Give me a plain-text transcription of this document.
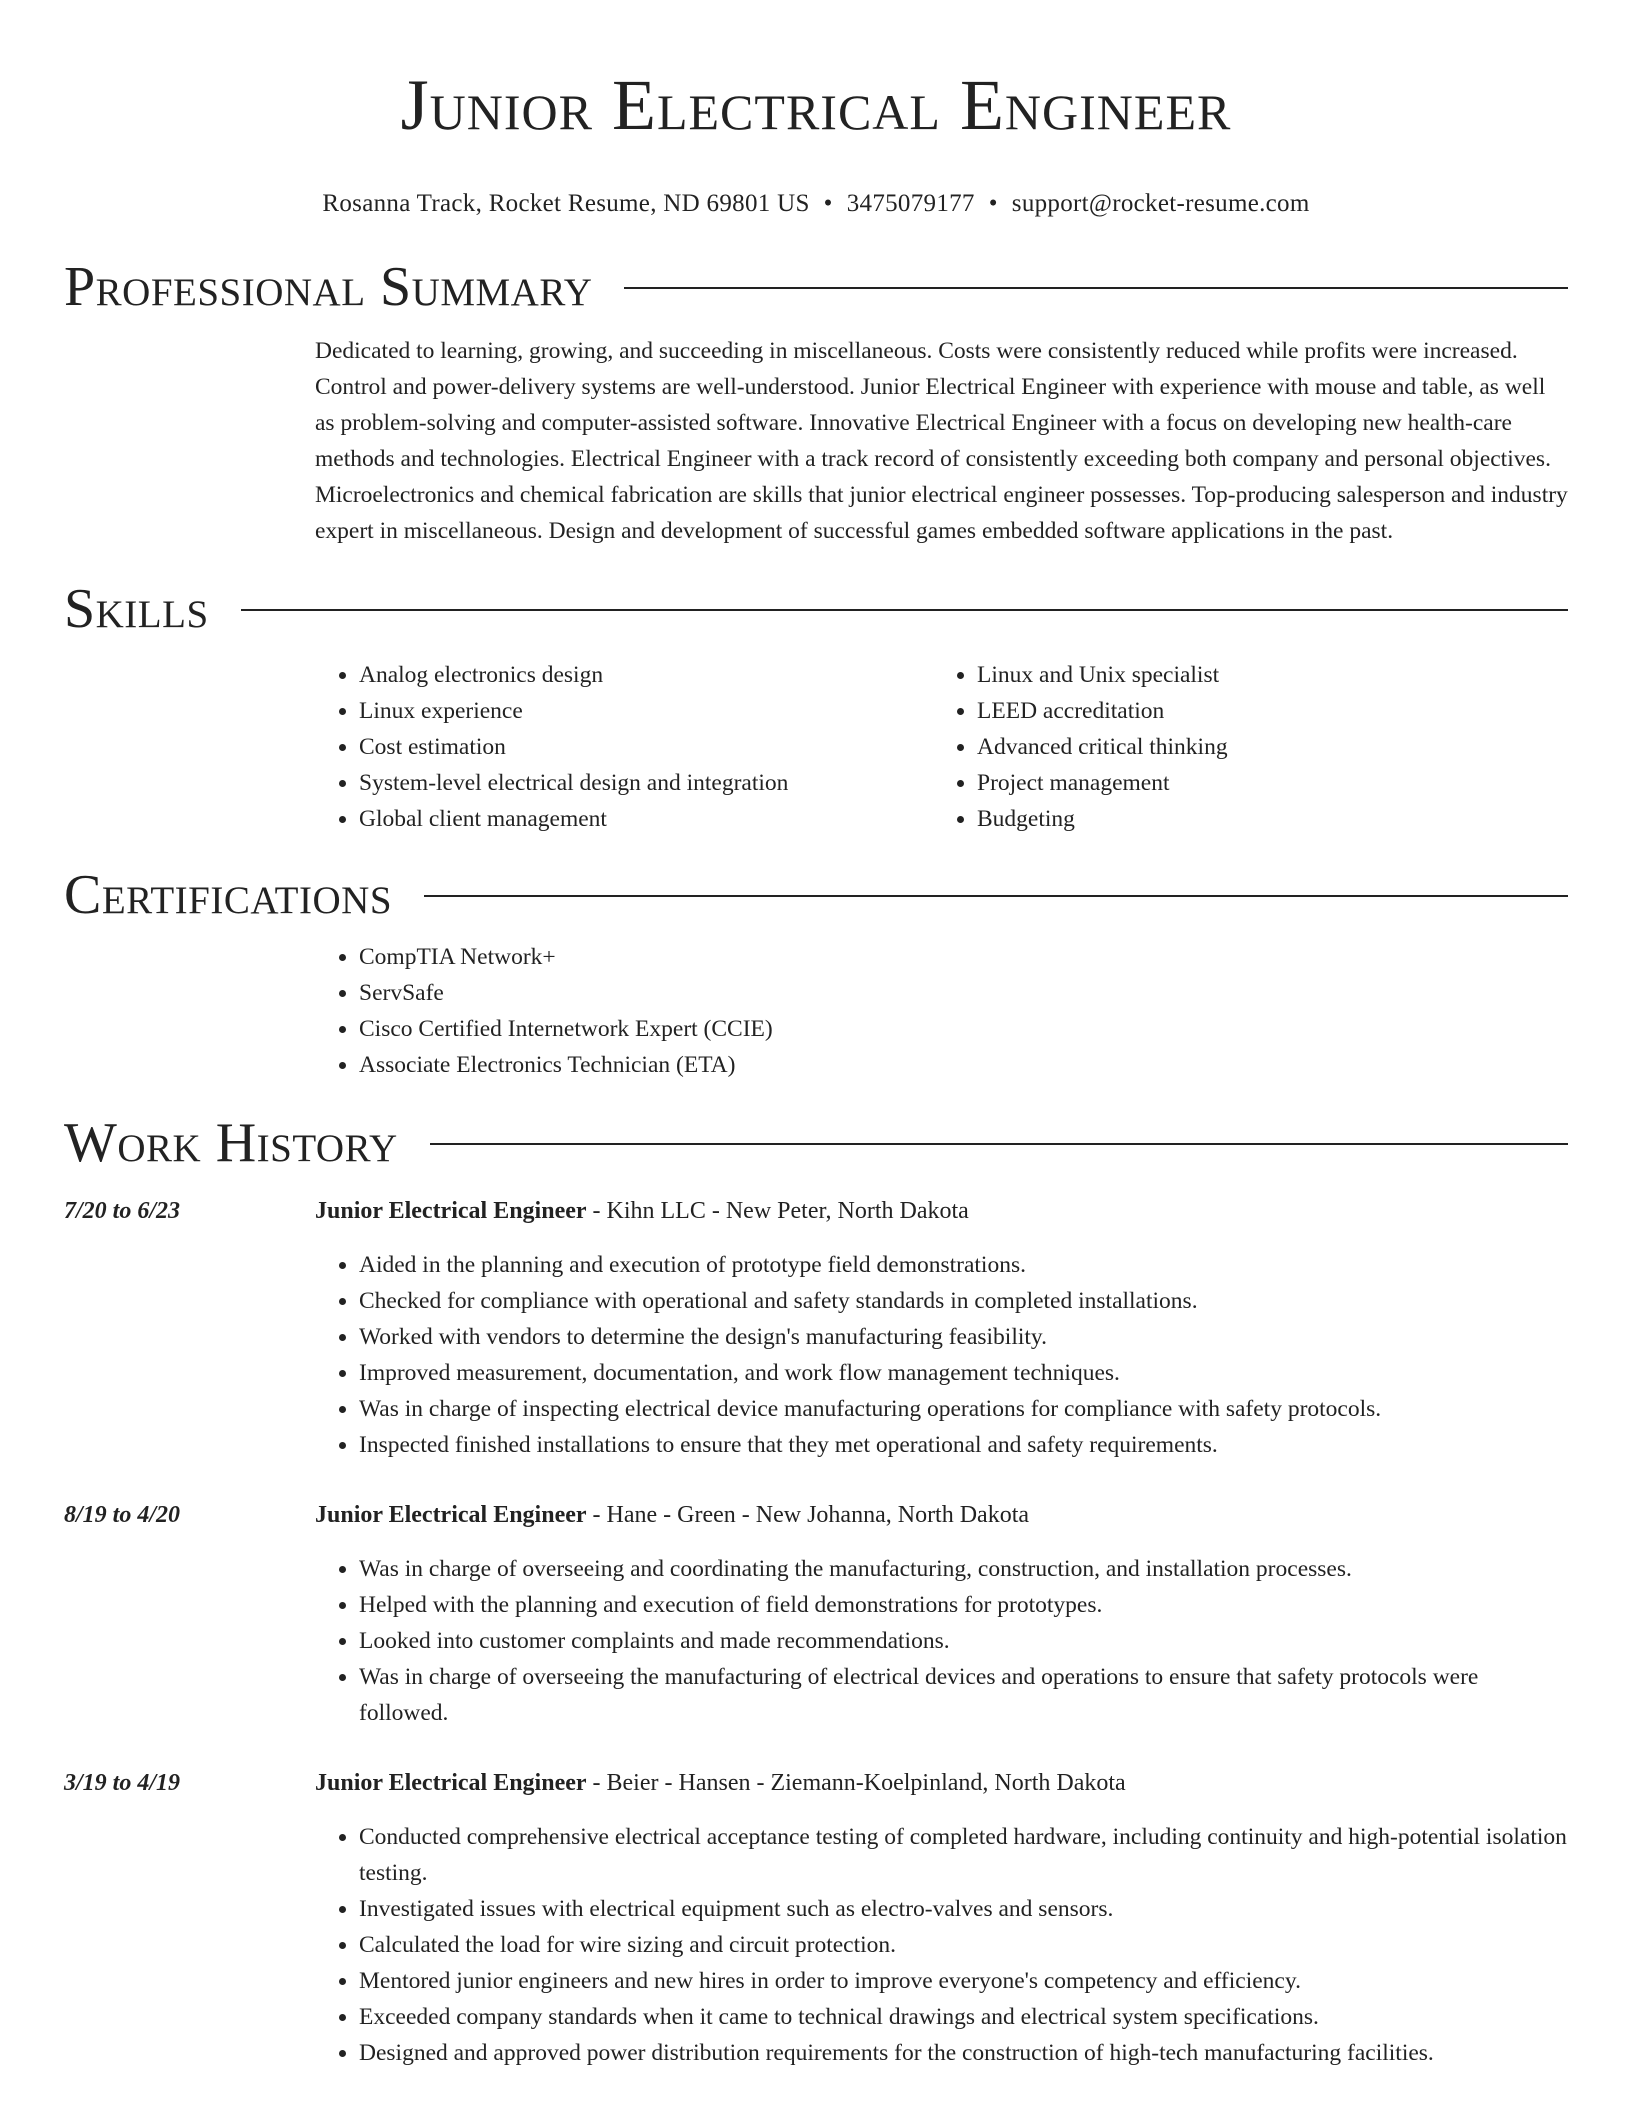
Junior Electrical Engineer
Rosanna Track, Rocket Resume, ND 69801 US • 3475079177 • support@rocket-resume.com
Professional Summary

Dedicated to learning, growing, and succeeding in miscellaneous. Costs were consistently reduced while profits were increased. Control and power-delivery systems are well-understood. Junior Electrical Engineer with experience with mouse and table, as well as problem-solving and computer-assisted software. Innovative Electrical Engineer with a focus on developing new health-care methods and technologies. Electrical Engineer with a track record of consistently exceeding both company and personal objectives. Microelectronics and chemical fabrication are skills that junior electrical engineer possesses. Top-producing salesperson and industry expert in miscellaneous. Design and development of successful games embedded software applications in the past.

Skills
• Analog electronics design
• Linux experience
• Cost estimation
• System-level electrical design and integration
• Global client management
• Linux and Unix specialist
• LEED accreditation
• Advanced critical thinking
• Project management
• Budgeting
Certifications
• CompTIA Network+
• ServSafe
• Cisco Certified Internetwork Expert (CCIE)
• Associate Electronics Technician (ETA)
Work History
7/20 to 6/23	Junior Electrical Engineer - Kihn LLC - New Peter, North Dakota
• Aided in the planning and execution of prototype field demonstrations.
• Checked for compliance with operational and safety standards in completed installations.
• Worked with vendors to determine the design's manufacturing feasibility.
• Improved measurement, documentation, and work flow management techniques.
• Was in charge of inspecting electrical device manufacturing operations for compliance with safety protocols.
• Inspected finished installations to ensure that they met operational and safety requirements.
8/19 to 4/20	Junior Electrical Engineer - Hane - Green - New Johanna, North Dakota
• Was in charge of overseeing and coordinating the manufacturing, construction, and installation processes.
• Helped with the planning and execution of field demonstrations for prototypes.
• Looked into customer complaints and made recommendations.
• Was in charge of overseeing the manufacturing of electrical devices and operations to ensure that safety protocols were followed.
3/19 to 4/19	Junior Electrical Engineer - Beier - Hansen - Ziemann-Koelpinland, North Dakota
• Conducted comprehensive electrical acceptance testing of completed hardware, including continuity and high-potential isolation testing.
• Investigated issues with electrical equipment such as electro-valves and sensors.
• Calculated the load for wire sizing and circuit protection.
• Mentored junior engineers and new hires in order to improve everyone's competency and efficiency.
• Exceeded company standards when it came to technical drawings and electrical system specifications.
• Designed and approved power distribution requirements for the construction of high-tech manufacturing facilities.
